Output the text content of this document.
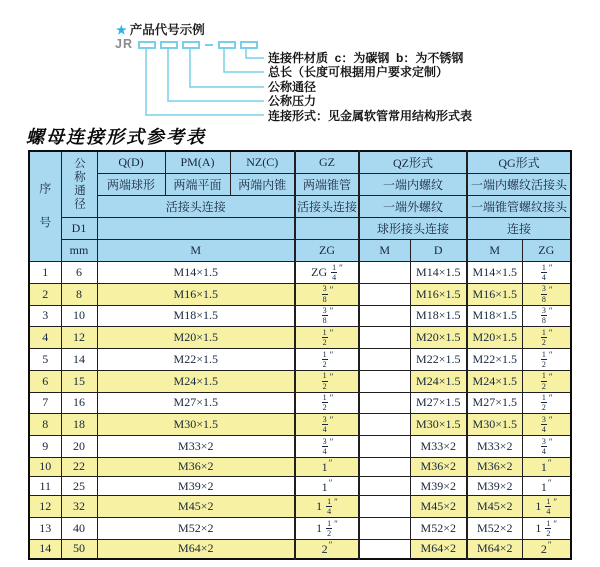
★ 产品代号示例
JR
连接件材质  c：为碳钢  b：为不锈钢
总长（长度可根据用户要求定制）
公称通径
公称压力
连接形式：见金属软管常用结构形式表
螺母连接形式参考表
序号	公称通径	Q(D)	PM(A)	NZ(C)	GZ	QZ形式		QG形式	
		两端球形	两端平面	两端内锥	两端锥管	一端内螺纹		一端内螺纹活接头	
		活接头连接			活接头连接	一端外螺纹		一端锥管螺纹接头	
	D1					球形接头连接		连接	
	mm	M			ZG	M	D	M	ZG
1	6	M14×1.5			ZG $\frac{1}{4} ''$		M14×1.5	M14×1.5	$\frac{1}{4} ''$
2	8	M16×1.5			$\frac{3}{8} ''$		M16×1.5	M16×1.5	$\frac{3}{8} ''$
3	10	M18×1.5			$\frac{3}{8} ''$		M18×1.5	M18×1.5	$\frac{3}{8} ''$
4	12	M20×1.5			$\frac{1}{2} ''$		M20×1.5	M20×1.5	$\frac{1}{2} ''$
5	14	M22×1.5			$\frac{1}{2} ''$		M22×1.5	M22×1.5	$\frac{1}{2} ''$
6	15	M24×1.5			$\frac{1}{2} ''$		M24×1.5	M24×1.5	$\frac{1}{2} ''$
7	16	M27×1.5			$\frac{1}{2} ''$		M27×1.5	M27×1.5	$\frac{1}{2} ''$
8	18	M30×1.5			$\frac{3}{4} ''$		M30×1.5	M30×1.5	$\frac{3}{4} ''$
9	20	M33×2			$\frac{3}{4} ''$		M33×2	M33×2	$\frac{3}{4} ''$
10	22	M36×2			1″		M36×2	M36×2	1″
11	25	M39×2			1″		M39×2	M39×2	1″
12	32	M45×2			$1 \frac{1}{4} ''$		M45×2	M45×2	$1 \frac{1}{4} ''$
13	40	M52×2			$1 \frac{1}{2} ''$		M52×2	M52×2	$1 \frac{1}{2} ''$
14	50	M64×2			2″		M64×2	M64×2	2″
